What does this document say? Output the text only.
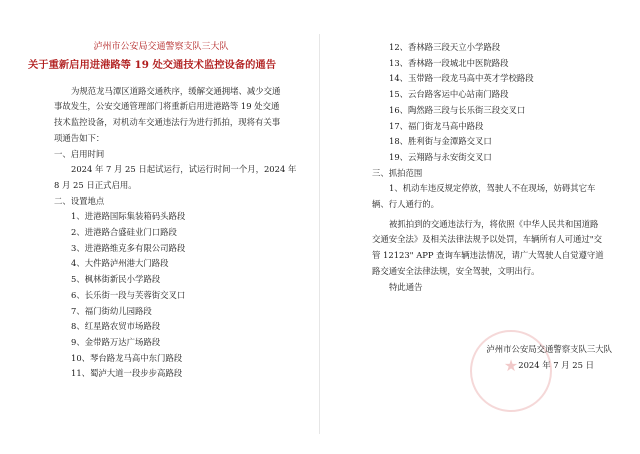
泸州市公安局交通警察支队三大队
关于重新启用进港路等 19 处交通技术监控设备的通告
为规范龙马潭区道路交通秩序，缓解交通拥堵、减少交通
事故发生，公安交通管理部门将重新启用进港路等 19 处交通
技术监控设备，对机动车交通违法行为进行抓拍，现将有关事
项通告如下：
一、启用时间
2024 年 7 月 25 日起试运行，试运行时间一个月，2024 年
8 月 25 日正式启用。
二、设置地点
1、进港路国际集装箱码头路段
2、进港路合盛硅业门口路段
3、进港路维克多有限公司路段
4、大件路泸州港大门路段
5、枫林街新民小学路段
6、长乐街一段与芙蓉街交叉口
7、福门街幼儿园路段
8、红星路农贸市场路段
9、金带路万达广场路段
10、琴台路龙马高中东门路段
11、蜀泸大道一段步步高路段
12、香林路三段天立小学路段
13、香林路一段城北中医院路段
14、玉带路一段龙马高中英才学校路段
15、云台路客运中心站南门路段
16、陶然路三段与长乐街三段交叉口
17、福门街龙马高中路段
18、胜利街与金潭路交叉口
19、云翔路与永安街交叉口
三、抓拍范围
1、机动车违反规定停放，驾驶人不在现场，妨碍其它车
辆、行人通行的。
被抓拍到的交通违法行为，将依照《中华人民共和国道路
交通安全法》及相关法律法规予以处罚，车辆所有人可通过"交
管 12123" APP 查询车辆违法情况，请广大驾驶人自觉遵守道
路交通安全法律法规，安全驾驶，文明出行。
特此通告
★
泸州市公安局交通警察支队三大队
2024 年 7 月 25 日
